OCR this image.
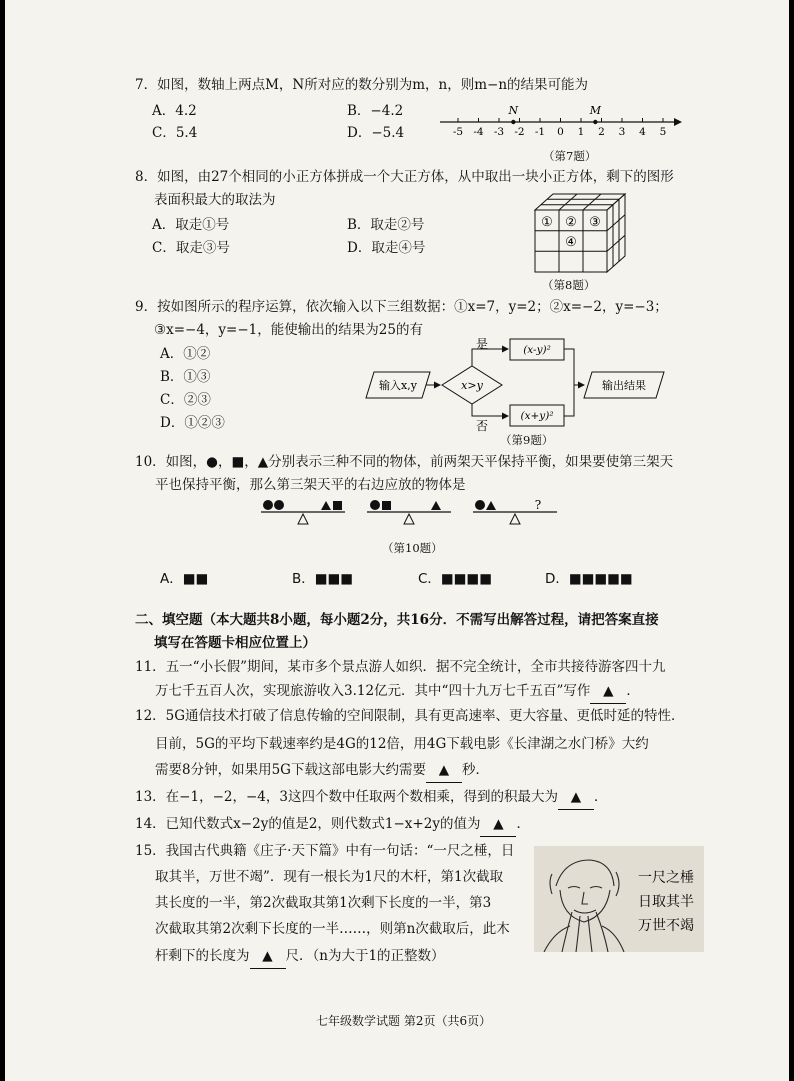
7．如图，数轴上两点M，N所对应的数分别为m，n，则m−n的结果可能为
A．4.2	B．−4.2
C．5.4	D．−5.4	-5 -4 -3 -2 -1 0 1 2 3 4 5
N	M
（第7题）
8．如图，由27个相同的小正方体拼成一个大正方体，从中取出一块小正方体，剩下的图形
表面积最大的取法为
A．取走①号	B．取走②号
C．取走③号	D．取走④号
① ② ③
④
（第8题）
9．按如图所示的程序运算，依次输入以下三组数据：①x=7，y=2；②x=−2，y=−3；
③x=−4，y=−1，能使输出的结果为25的有
A．①②
B．①③
C．②③
D．①②③
输入x,y	x>y
是
否
(x-y)²
(x+y)²
输出结果
（第9题）
10．如图，●，■，▲分别表示三种不同的物体，前两架天平保持平衡，如果要使第三架天
平也保持平衡，那么第三架天平的右边应放的物体是
?
（第10题）
A．■■	B．■■■	C．■■■■	D．■■■■■
二、填空题（本大题共8小题，每小题2分，共16分．不需写出解答过程，请把答案直接
填写在答题卡相应位置上）
11．五一“小长假”期间，某市多个景点游人如织．据不完全统计，全市共接待游客四十九
万七千五百人次，实现旅游收入3.12亿元．其中“四十九万七千五百”写作 ▲ ．
12．5G通信技术打破了信息传输的空间限制，具有更高速率、更大容量、更低时延的特性．
目前，5G的平均下载速率约是4G的12倍，用4G下载电影《长津湖之水门桥》大约
需要8分钟，如果用5G下载这部电影大约需要 ▲ 秒．
13．在−1，−2，−4，3这四个数中任取两个数相乘，得到的积最大为 ▲ ．
14．已知代数式x−2y的值是2，则代数式1−x+2y的值为 ▲ ．
15．我国古代典籍《庄子·天下篇》中有一句话：“一尺之棰，日
取其半，万世不竭”．现有一根长为1尺的木杆，第1次截取
其长度的一半，第2次截取其第1次剩下长度的一半，第3
次截取其第2次剩下长度的一半……，则第n次截取后，此木
杆剩下的长度为 ▲ 尺．（n为大于1的正整数）
一尺之棰
日取其半
万世不竭
七年级数学试题 第2页（共6页）
